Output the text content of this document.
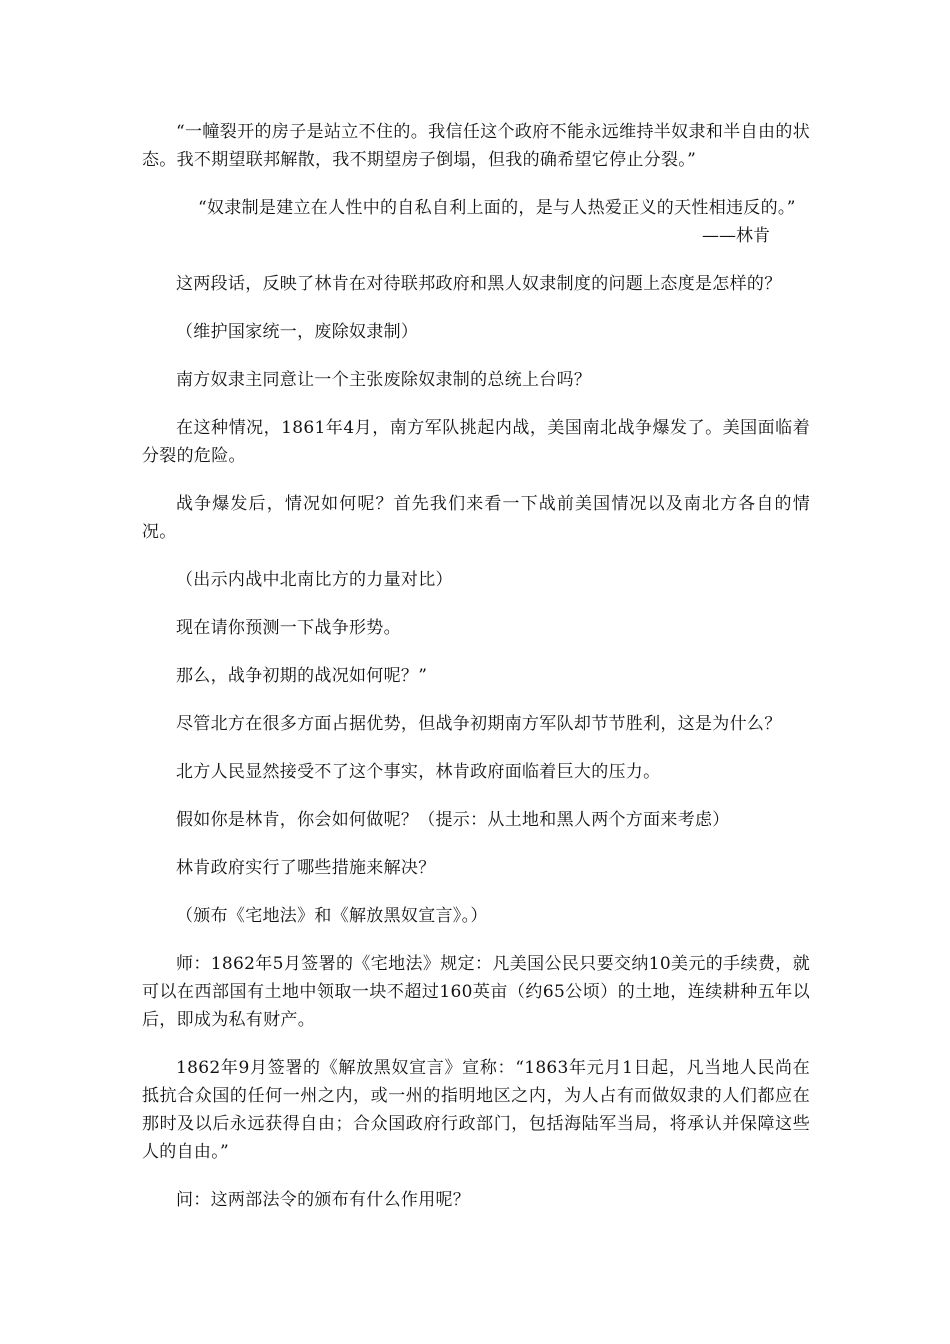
“一幢裂开的房子是站立不住的。我信任这个政府不能永远维持半奴隶和半自由的状态。我不期望联邦解散，我不期望房子倒塌，但我的确希望它停止分裂。”

“奴隶制是建立在人性中的自私自利上面的，是与人热爱正义的天性相违反的。”

——林肯

这两段话，反映了林肯在对待联邦政府和黑人奴隶制度的问题上态度是怎样的？

（维护国家统一，废除奴隶制）

南方奴隶主同意让一个主张废除奴隶制的总统上台吗？

在这种情况，1861年4月，南方军队挑起内战，美国南北战争爆发了。美国面临着分裂的危险。

战争爆发后，情况如何呢？首先我们来看一下战前美国情况以及南北方各自的情况。

（出示内战中北南比方的力量对比）

现在请你预测一下战争形势。

那么，战争初期的战况如何呢？”

尽管北方在很多方面占据优势，但战争初期南方军队却节节胜利，这是为什么？

北方人民显然接受不了这个事实，林肯政府面临着巨大的压力。

假如你是林肯，你会如何做呢？（提示：从土地和黑人两个方面来考虑）

林肯政府实行了哪些措施来解决？

（颁布《宅地法》和《解放黑奴宣言》。）

师：1862年5月签署的《宅地法》规定：凡美国公民只要交纳10美元的手续费，就可以在西部国有土地中领取一块不超过160英亩（约65公顷）的土地，连续耕种五年以后，即成为私有财产。

1862年9月签署的《解放黑奴宣言》宣称：“1863年元月1日起，凡当地人民尚在抵抗合众国的任何一州之内，或一州的指明地区之内，为人占有而做奴隶的人们都应在那时及以后永远获得自由；合众国政府行政部门，包括海陆军当局，将承认并保障这些人的自由。”

问：这两部法令的颁布有什么作用呢？
